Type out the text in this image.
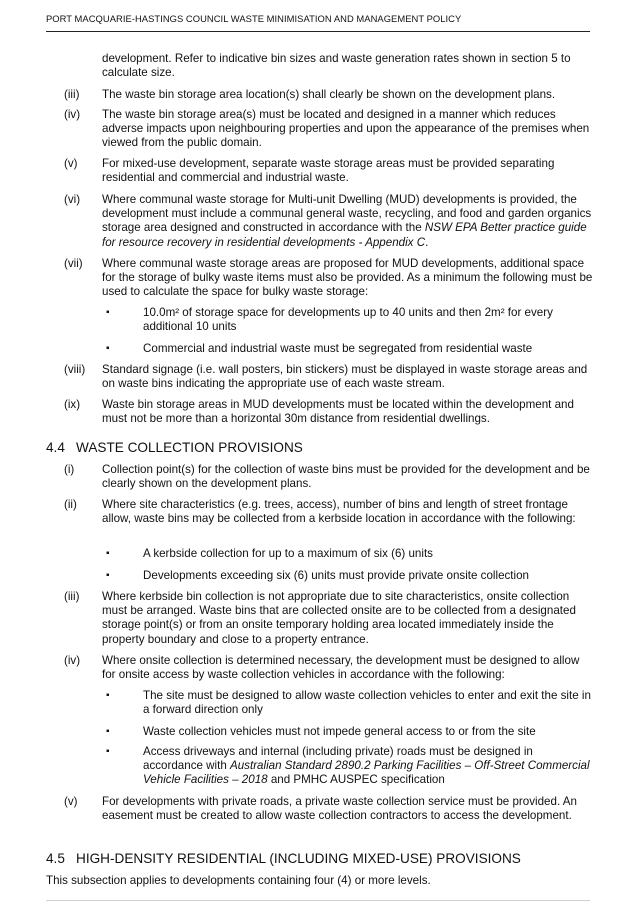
PORT MACQUARIE-HASTINGS COUNCIL WASTE MINIMISATION AND MANAGEMENT POLICY
development. Refer to indicative bin sizes and waste generation rates shown in section 5 to calculate size.
(iii) The waste bin storage area location(s) shall clearly be shown on the development plans.
(iv) The waste bin storage area(s) must be located and designed in a manner which reduces adverse impacts upon neighbouring properties and upon the appearance of the premises when viewed from the public domain.
(v) For mixed-use development, separate waste storage areas must be provided separating residential and commercial and industrial waste.
(vi) Where communal waste storage for Multi-unit Dwelling (MUD) developments is provided, the development must include a communal general waste, recycling, and food and garden organics storage area designed and constructed in accordance with the NSW EPA Better practice guide for resource recovery in residential developments - Appendix C.
(vii) Where communal waste storage areas are proposed for MUD developments, additional space for the storage of bulky waste items must also be provided. As a minimum the following must be used to calculate the space for bulky waste storage:
▪	10.0m² of storage space for developments up to 40 units and then 2m² for every additional 10 units
▪	Commercial and industrial waste must be segregated from residential waste
(viii) Standard signage (i.e. wall posters, bin stickers) must be displayed in waste storage areas and on waste bins indicating the appropriate use of each waste stream.
(ix) Waste bin storage areas in MUD developments must be located within the development and must not be more than a horizontal 30m distance from residential dwellings.
4.4 WASTE COLLECTION PROVISIONS
(i) Collection point(s) for the collection of waste bins must be provided for the development and be clearly shown on the development plans.
(ii) Where site characteristics (e.g. trees, access), number of bins and length of street frontage allow, waste bins may be collected from a kerbside location in accordance with the following:
▪	A kerbside collection for up to a maximum of six (6) units
▪	Developments exceeding six (6) units must provide private onsite collection
(iii) Where kerbside bin collection is not appropriate due to site characteristics, onsite collection must be arranged. Waste bins that are collected onsite are to be collected from a designated storage point(s) or from an onsite temporary holding area located immediately inside the property boundary and close to a property entrance.
(iv) Where onsite collection is determined necessary, the development must be designed to allow for onsite access by waste collection vehicles in accordance with the following:
▪	The site must be designed to allow waste collection vehicles to enter and exit the site in a forward direction only
▪	Waste collection vehicles must not impede general access to or from the site
▪	Access driveways and internal (including private) roads must be designed in accordance with Australian Standard 2890.2 Parking Facilities – Off-Street Commercial Vehicle Facilities – 2018 and PMHC AUSPEC specification
(v) For developments with private roads, a private waste collection service must be provided. An easement must be created to allow waste collection contractors to access the development.
4.5 HIGH-DENSITY RESIDENTIAL (INCLUDING MIXED-USE) PROVISIONS
This subsection applies to developments containing four (4) or more levels.
